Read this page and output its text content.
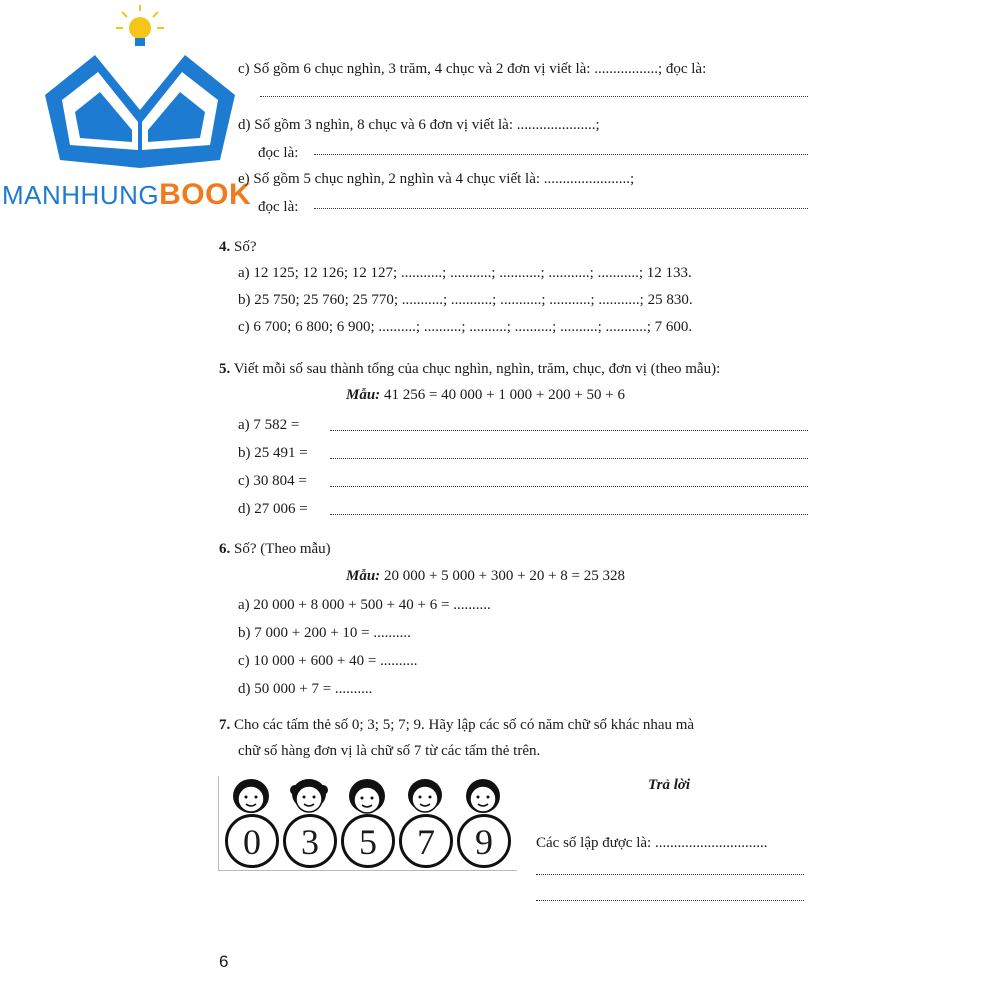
MANHHUNGBOOK
c) Số gồm 6 chục nghìn, 3 trăm, 4 chục và 2 đơn vị viết là: .................; đọc là:
d) Số gồm 3 nghìn, 8 chục và 6 đơn vị viết là: .....................;
đọc là:
e) Số gồm 5 chục nghìn, 2 nghìn và 4 chục viết là: .......................;
đọc là:
4. Số?
a) 12 125; 12 126; 12 127; ...........; ...........; ...........; ...........; ...........; 12 133.
b) 25 750; 25 760; 25 770; ...........; ...........; ...........; ...........; ...........; 25 830.
c) 6 700; 6 800; 6 900; ..........; ..........; ..........; ..........; ..........; ...........; 7 600.
5. Viết mỗi số sau thành tổng của chục nghìn, nghìn, trăm, chục, đơn vị (theo mẫu):
Mẫu: 41 256 = 40 000 + 1 000 + 200 + 50 + 6
a) 7 582 =
b) 25 491 =
c) 30 804 =
d) 27 006 =
6. Số? (Theo mẫu)
Mẫu: 20 000 + 5 000 + 300 + 20 + 8 = 25 328
a) 20 000 + 8 000 + 500 + 40 + 6 = ..........
b) 7 000 + 200 + 10 = ..........
c) 10 000 + 600 + 40 = ..........
d) 50 000 + 7 = ..........
7. Cho các tấm thẻ số 0; 3; 5; 7; 9. Hãy lập các số có năm chữ số khác nhau mà
chữ số hàng đơn vị là chữ số 7 từ các tấm thẻ trên.
0	3	5	7	9
Trả lời
Các số lập được là: ..............................
6
